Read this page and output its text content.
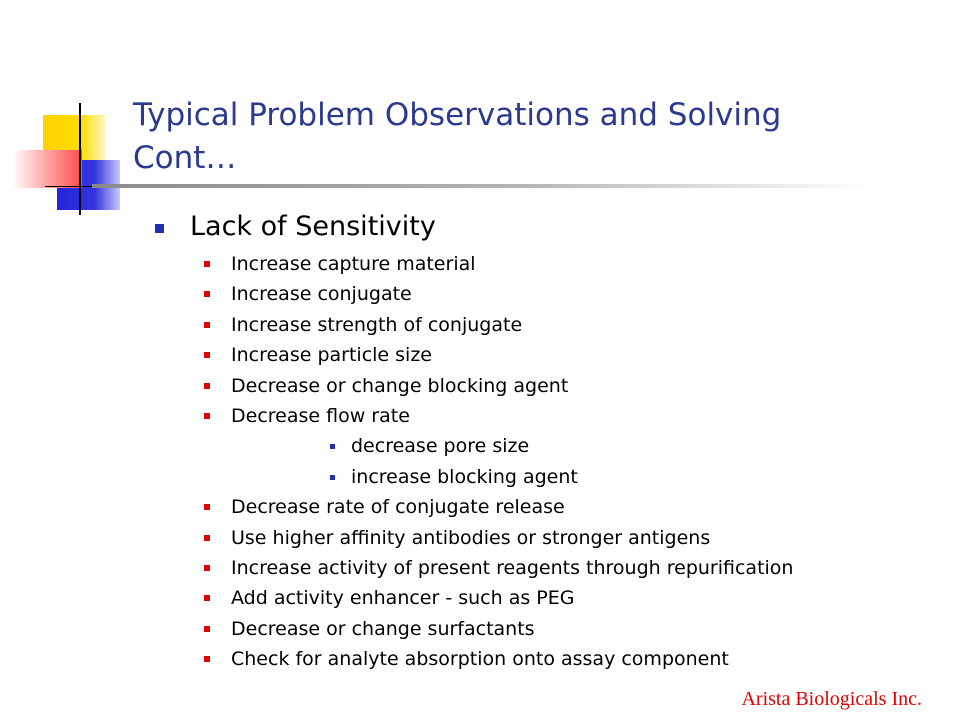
Typical Problem Observations and Solving Cont…
Lack of Sensitivity
Increase capture material
Increase conjugate
Increase strength of conjugate
Increase particle size
Decrease or change blocking agent
Decrease flow rate
decrease pore size
increase blocking agent
Decrease rate of conjugate release
Use higher affinity antibodies or stronger antigens
Increase activity of present reagents through repurification
Add activity enhancer - such as PEG
Decrease or change surfactants
Check for analyte absorption onto assay component
Arista Biologicals Inc.
